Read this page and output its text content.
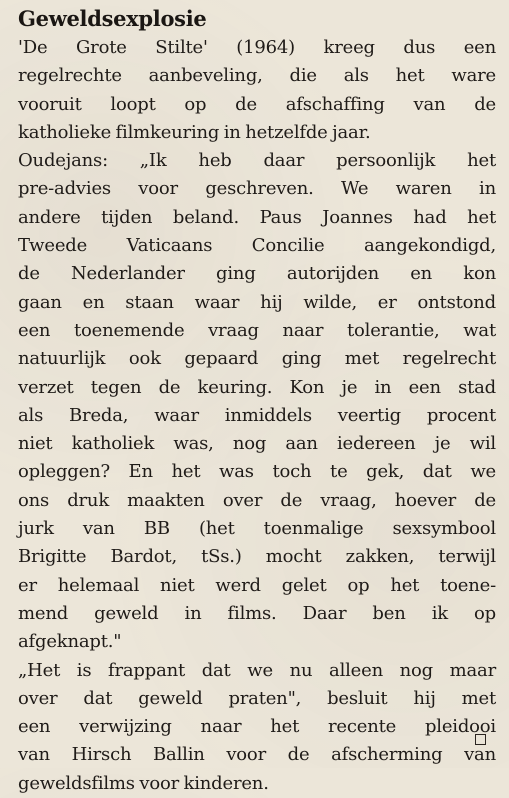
Geweldsexplosie
'De Grote Stilte' (1964) kreeg dus een
regelrechte aanbeveling, die als het ware
vooruit loopt op de afschaffing van de
katholieke filmkeuring in hetzelfde jaar.
Oudejans: „Ik heb daar persoonlijk het
pre-advies voor geschreven. We waren in
andere tijden beland. Paus Joannes had het
Tweede Vaticaans Concilie aangekondigd,
de Nederlander ging autorijden en kon
gaan en staan waar hij wilde, er ontstond
een toenemende vraag naar tolerantie, wat
natuurlijk ook gepaard ging met regelrecht
verzet tegen de keuring. Kon je in een stad
als Breda, waar inmiddels veertig procent
niet katholiek was, nog aan iedereen je wil
opleggen? En het was toch te gek, dat we
ons druk maakten over de vraag, hoever de
jurk van BB (het toenmalige sexsymbool
Brigitte Bardot, tSs.) mocht zakken, terwijl
er helemaal niet werd gelet op het toene-
mend geweld in films. Daar ben ik op
afgeknapt."
„Het is frappant dat we nu alleen nog maar
over dat geweld praten", besluit hij met
een verwijzing naar het recente pleidooi
van Hirsch Ballin voor de afscherming van
geweldsfilms voor kinderen.
